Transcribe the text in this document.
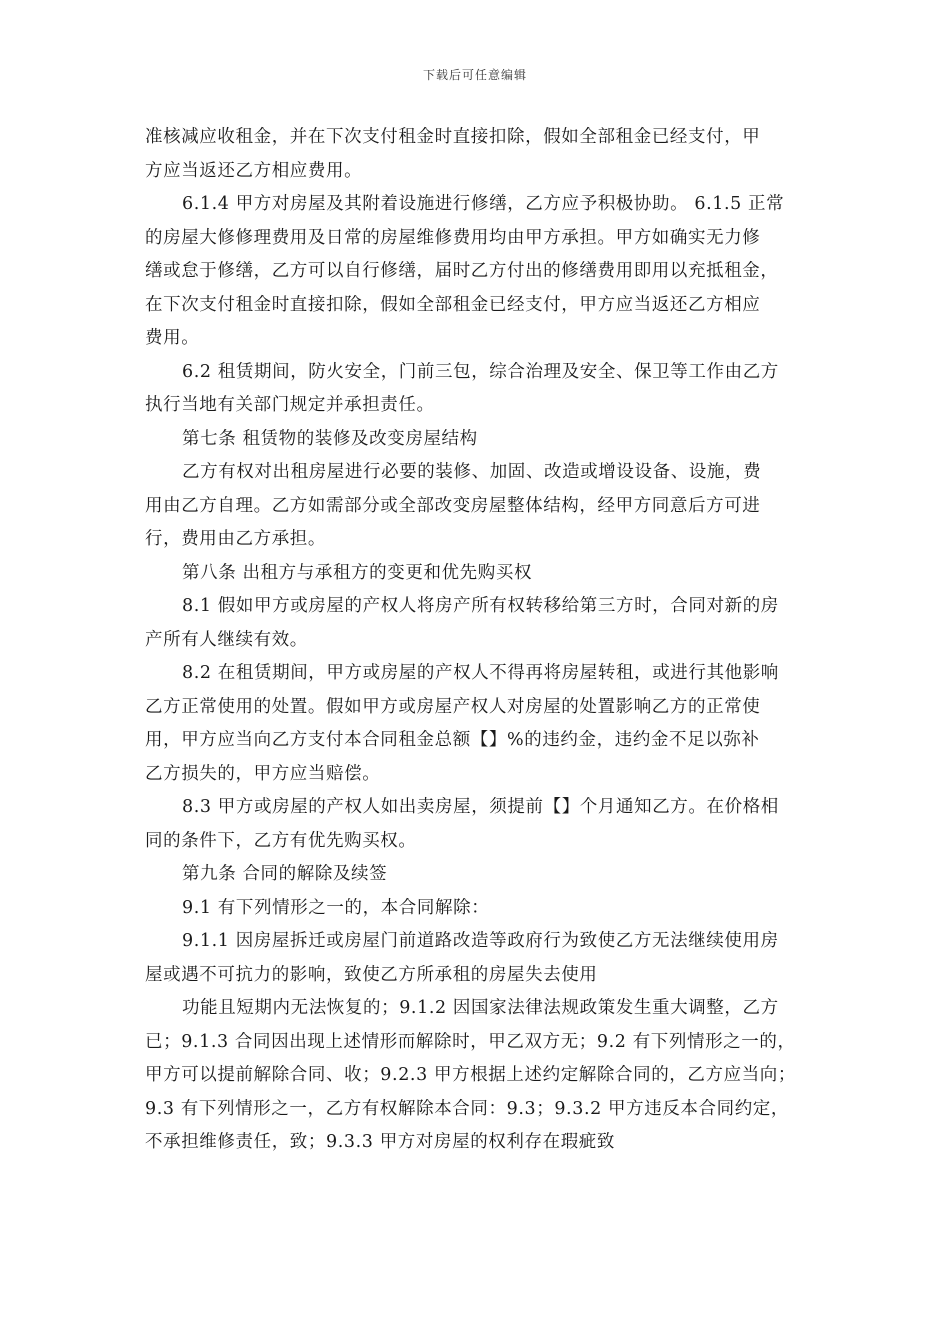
下载后可任意编辑
准核减应收租金，并在下次支付租金时直接扣除，假如全部租金已经支付，甲
方应当返还乙方相应费用。
6.1.4 甲方对房屋及其附着设施进行修缮，乙方应予积极协助。 6.1.5 正常
的房屋大修修理费用及日常的房屋维修费用均由甲方承担。甲方如确实无力修
缮或怠于修缮，乙方可以自行修缮，届时乙方付出的修缮费用即用以充抵租金，
在下次支付租金时直接扣除，假如全部租金已经支付，甲方应当返还乙方相应
费用。
6.2 租赁期间，防火安全，门前三包，综合治理及安全、保卫等工作由乙方
执行当地有关部门规定并承担责任。
第七条 租赁物的装修及改变房屋结构
乙方有权对出租房屋进行必要的装修、加固、改造或增设设备、设施，费
用由乙方自理。乙方如需部分或全部改变房屋整体结构，经甲方同意后方可进
行，费用由乙方承担。
第八条 出租方与承租方的变更和优先购买权
8.1 假如甲方或房屋的产权人将房产所有权转移给第三方时，合同对新的房
产所有人继续有效。
8.2 在租赁期间，甲方或房屋的产权人不得再将房屋转租，或进行其他影响
乙方正常使用的处置。假如甲方或房屋产权人对房屋的处置影响乙方的正常使
用，甲方应当向乙方支付本合同租金总额【】%的违约金，违约金不足以弥补
乙方损失的，甲方应当赔偿。
8.3 甲方或房屋的产权人如出卖房屋，须提前【】个月通知乙方。在价格相
同的条件下，乙方有优先购买权。
第九条 合同的解除及续签
9.1 有下列情形之一的，本合同解除：
9.1.1 因房屋拆迁或房屋门前道路改造等政府行为致使乙方无法继续使用房
屋或遇不可抗力的影响，致使乙方所承租的房屋失去使用
功能且短期内无法恢复的；9.1.2 因国家法律法规政策发生重大调整，乙方
已；9.1.3 合同因出现上述情形而解除时，甲乙双方无；9.2 有下列情形之一的，
甲方可以提前解除合同、收；9.2.3 甲方根据上述约定解除合同的，乙方应当向；
9.3 有下列情形之一，乙方有权解除本合同：9.3；9.3.2 甲方违反本合同约定，
不承担维修责任，致；9.3.3 甲方对房屋的权利存在瑕疵致
